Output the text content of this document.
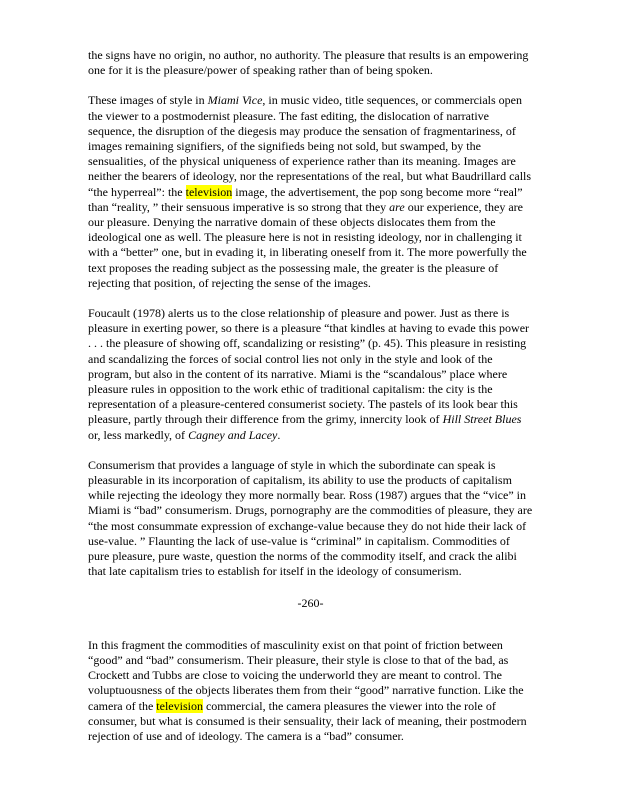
the signs have no origin, no author, no authority. The pleasure that results is an empowering one for it is the pleasure/power of speaking rather than of being spoken.

These images of style in Miami Vice, in music video, title sequences, or commercials open the viewer to a postmodernist pleasure. The fast editing, the dislocation of narrative sequence, the disruption of the diegesis may produce the sensation of fragmentariness, of images remaining signifiers, of the signifieds being not sold, but swamped, by the sensualities, of the physical uniqueness of experience rather than its meaning. Images are neither the bearers of ideology, nor the representations of the real, but what Baudrillard calls “the hyperreal”: the television image, the advertisement, the pop song become more “real” than “reality, ” their sensuous imperative is so strong that they are our experience, they are our pleasure. Denying the narrative domain of these objects dislocates them from the ideological one as well. The pleasure here is not in resisting ideology, nor in challenging it with a “better” one, but in evading it, in liberating oneself from it. The more powerfully the text proposes the reading subject as the possessing male, the greater is the pleasure of rejecting that position, of rejecting the sense of the images.

Foucault (1978) alerts us to the close relationship of pleasure and power. Just as there is pleasure in exerting power, so there is a pleasure “that kindles at having to evade this power . . . the pleasure of showing off, scandalizing or resisting” (p. 45). This pleasure in resisting and scandalizing the forces of social control lies not only in the style and look of the program, but also in the content of its narrative. Miami is the “scandalous” place where pleasure rules in opposition to the work ethic of traditional capitalism: the city is the representation of a pleasure-centered consumerist society. The pastels of its look bear this pleasure, partly through their difference from the grimy, innercity look of Hill Street Blues or, less markedly, of Cagney and Lacey.

Consumerism that provides a language of style in which the subordinate can speak is pleasurable in its incorporation of capitalism, its ability to use the products of capitalism while rejecting the ideology they more normally bear. Ross (1987) argues that the “vice” in Miami is “bad” consumerism. Drugs, pornography are the commodities of pleasure, they are “the most consummate expression of exchange-value because they do not hide their lack of use-value. ” Flaunting the lack of use-value is “criminal” in capitalism. Commodities of pure pleasure, pure waste, question the norms of the commodity itself, and crack the alibi that late capitalism tries to establish for itself in the ideology of consumerism.

-260-

In this fragment the commodities of masculinity exist on that point of friction between “good” and “bad” consumerism. Their pleasure, their style is close to that of the bad, as Crockett and Tubbs are close to voicing the underworld they are meant to control. The voluptuousness of the objects liberates them from their “good” narrative function. Like the camera of the television commercial, the camera pleasures the viewer into the role of consumer, but what is consumed is their sensuality, their lack of meaning, their postmodern rejection of use and of ideology. The camera is a “bad” consumer.
